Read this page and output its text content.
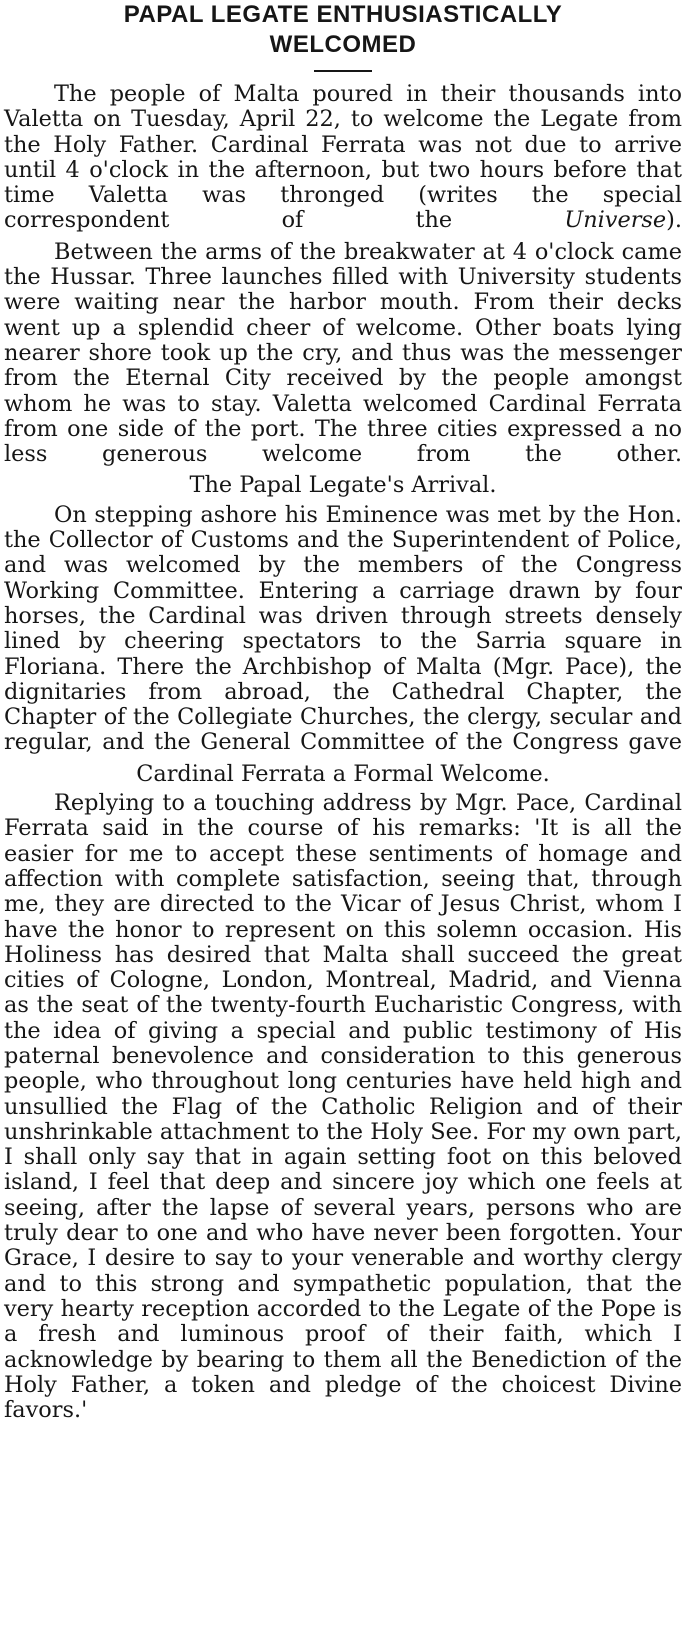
PAPAL LEGATE ENTHUSIASTICALLY
WELCOMED

The people of Malta poured in their thousands into Valetta on Tuesday, April 22, to welcome the Legate from the Holy Father. Cardinal Ferrata was not due to arrive until 4 o'clock in the afternoon, but two hours before that time Valetta was thronged (writes the special correspondent of the Universe).

Between the arms of the breakwater at 4 o'clock came the Hussar. Three launches filled with University students were waiting near the harbor mouth. From their decks went up a splendid cheer of welcome. Other boats lying nearer shore took up the cry, and thus was the messenger from the Eternal City received by the people amongst whom he was to stay. Valetta welcomed Cardinal Ferrata from one side of the port. The three cities expressed a no less generous welcome from the other.

The Papal Legate's Arrival.

On stepping ashore his Eminence was met by the Hon. the Collector of Customs and the Superintendent of Police, and was welcomed by the members of the Congress Working Committee. Entering a carriage drawn by four horses, the Cardinal was driven through streets densely lined by cheering spectators to the Sarria square in Floriana. There the Archbishop of Malta (Mgr. Pace), the dignitaries from abroad, the Cathedral Chapter, the Chapter of the Collegiate Churches, the clergy, secular and regular, and the General Committee of the Congress gave

Cardinal Ferrata a Formal Welcome.

Replying to a touching address by Mgr. Pace, Cardinal Ferrata said in the course of his remarks: 'It is all the easier for me to accept these sentiments of homage and affection with complete satisfaction, seeing that, through me, they are directed to the Vicar of Jesus Christ, whom I have the honor to represent on this solemn occasion. His Holiness has desired that Malta shall succeed the great cities of Cologne, London, Montreal, Madrid, and Vienna as the seat of the twenty-fourth Eucharistic Congress, with the idea of giving a special and public testimony of His paternal benevolence and consideration to this generous people, who throughout long centuries have held high and unsullied the Flag of the Catholic Religion and of their unshrinkable attachment to the Holy See. For my own part, I shall only say that in again setting foot on this beloved island, I feel that deep and sincere joy which one feels at seeing, after the lapse of several years, persons who are truly dear to one and who have never been forgotten. Your Grace, I desire to say to your venerable and worthy clergy and to this strong and sympathetic population, that the very hearty reception accorded to the Legate of the Pope is a fresh and luminous proof of their faith, which I acknowledge by bearing to them all the Benediction of the Holy Father, a token and pledge of the choicest Divine favors.'
